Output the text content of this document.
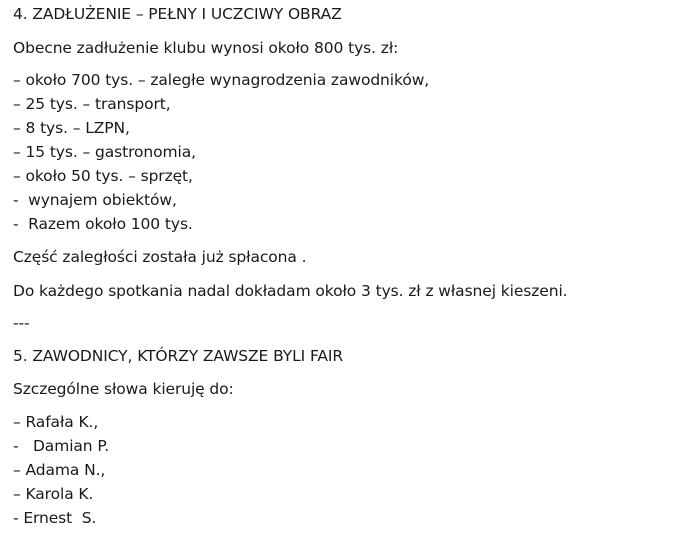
4. ZADŁUŻENIE – PEŁNY I UCZCIWY OBRAZ
Obecne zadłużenie klubu wynosi około 800 tys. zł:
– około 700 tys. – zaległe wynagrodzenia zawodników,
– 25 tys. – transport,
– 8 tys. – LZPN,
– 15 tys. – gastronomia,
– około 50 tys. – sprzęt,
-  wynajem obiektów,
-  Razem około 100 tys.
Część zaległości została już spłacona .
Do każdego spotkania nadal dokładam około 3 tys. zł z własnej kieszeni.
---
5. ZAWODNICY, KTÓRZY ZAWSZE BYLI FAIR
Szczególne słowa kieruję do:
– Rafała K.,
-   Damian P.
– Adama N.,
– Karola K.
- Ernest  S.
